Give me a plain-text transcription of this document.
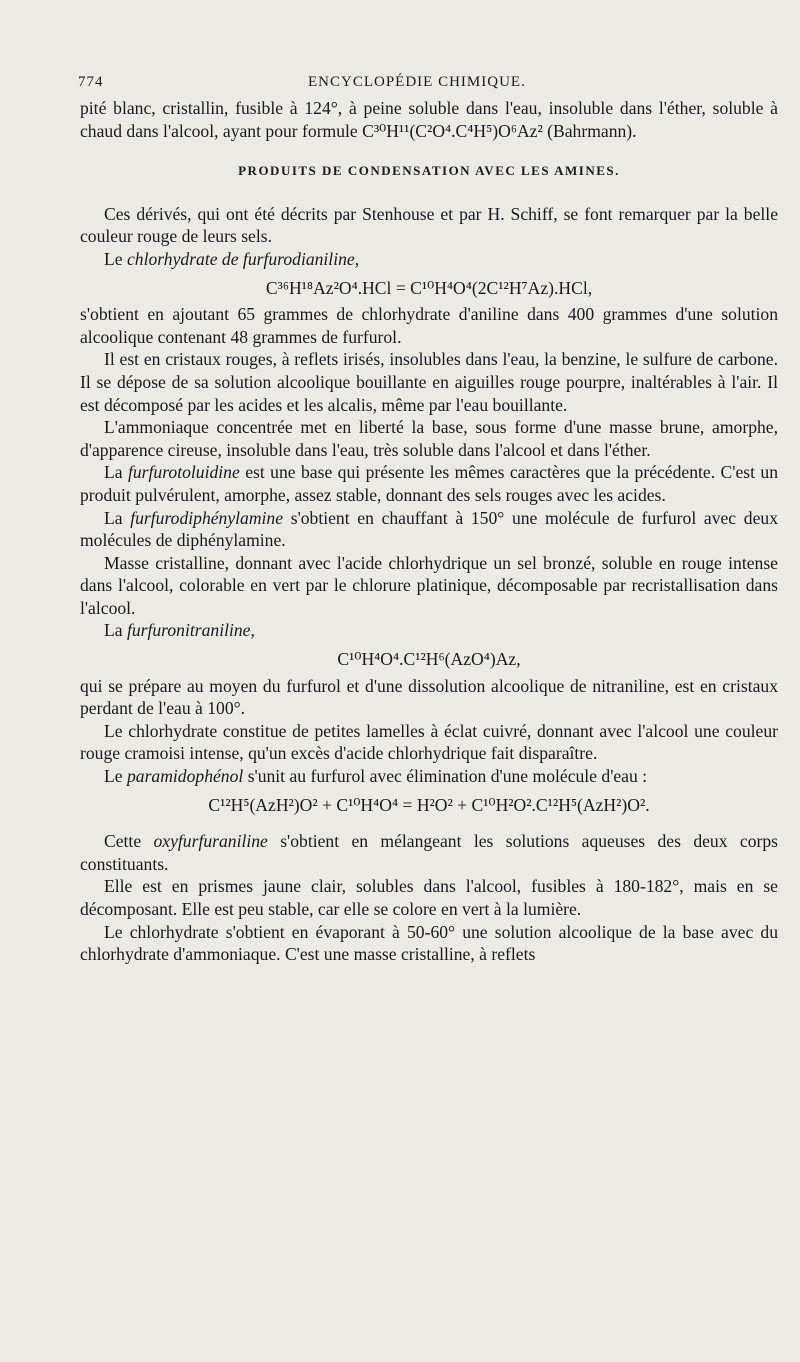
774	ENCYCLOPÉDIE CHIMIQUE.

pité blanc, cristallin, fusible à 124°, à peine soluble dans l'eau, insoluble dans l'éther, soluble à chaud dans l'alcool, ayant pour formule C³⁰H¹¹(C²O⁴.C⁴H⁵)O⁶Az² (Bahrmann).

PRODUITS DE CONDENSATION AVEC LES AMINES.

Ces dérivés, qui ont été décrits par Stenhouse et par H. Schiff, se font remarquer par la belle couleur rouge de leurs sels.

Le chlorhydrate de furfurodianiline,

C³⁶H¹⁸Az²O⁴.HCl = C¹⁰H⁴O⁴(2C¹²H⁷Az).HCl,

s'obtient en ajoutant 65 grammes de chlorhydrate d'aniline dans 400 grammes d'une solution alcoolique contenant 48 grammes de furfurol.

Il est en cristaux rouges, à reflets irisés, insolubles dans l'eau, la benzine, le sulfure de carbone. Il se dépose de sa solution alcoolique bouillante en aiguilles rouge pourpre, inaltérables à l'air. Il est décomposé par les acides et les alcalis, même par l'eau bouillante.

L'ammoniaque concentrée met en liberté la base, sous forme d'une masse brune, amorphe, d'apparence cireuse, insoluble dans l'eau, très soluble dans l'alcool et dans l'éther.

La furfurotoluidine est une base qui présente les mêmes caractères que la précédente. C'est un produit pulvérulent, amorphe, assez stable, donnant des sels rouges avec les acides.

La furfurodiphénylamine s'obtient en chauffant à 150° une molécule de furfurol avec deux molécules de diphénylamine.

Masse cristalline, donnant avec l'acide chlorhydrique un sel bronzé, soluble en rouge intense dans l'alcool, colorable en vert par le chlorure platinique, décomposable par recristallisation dans l'alcool.

La furfuronitraniline,

C¹⁰H⁴O⁴.C¹²H⁶(AzO⁴)Az,

qui se prépare au moyen du furfurol et d'une dissolution alcoolique de nitraniline, est en cristaux perdant de l'eau à 100°.

Le chlorhydrate constitue de petites lamelles à éclat cuivré, donnant avec l'alcool une couleur rouge cramoisi intense, qu'un excès d'acide chlorhydrique fait disparaître.

Le paramidophénol s'unit au furfurol avec élimination d'une molécule d'eau :

C¹²H⁵(AzH²)O² + C¹⁰H⁴O⁴ = H²O² + C¹⁰H²O².C¹²H⁵(AzH²)O².

Cette oxyfurfuraniline s'obtient en mélangeant les solutions aqueuses des deux corps constituants.

Elle est en prismes jaune clair, solubles dans l'alcool, fusibles à 180-182°, mais en se décomposant. Elle est peu stable, car elle se colore en vert à la lumière.

Le chlorhydrate s'obtient en évaporant à 50-60° une solution alcoolique de la base avec du chlorhydrate d'ammoniaque. C'est une masse cristalline, à reflets
